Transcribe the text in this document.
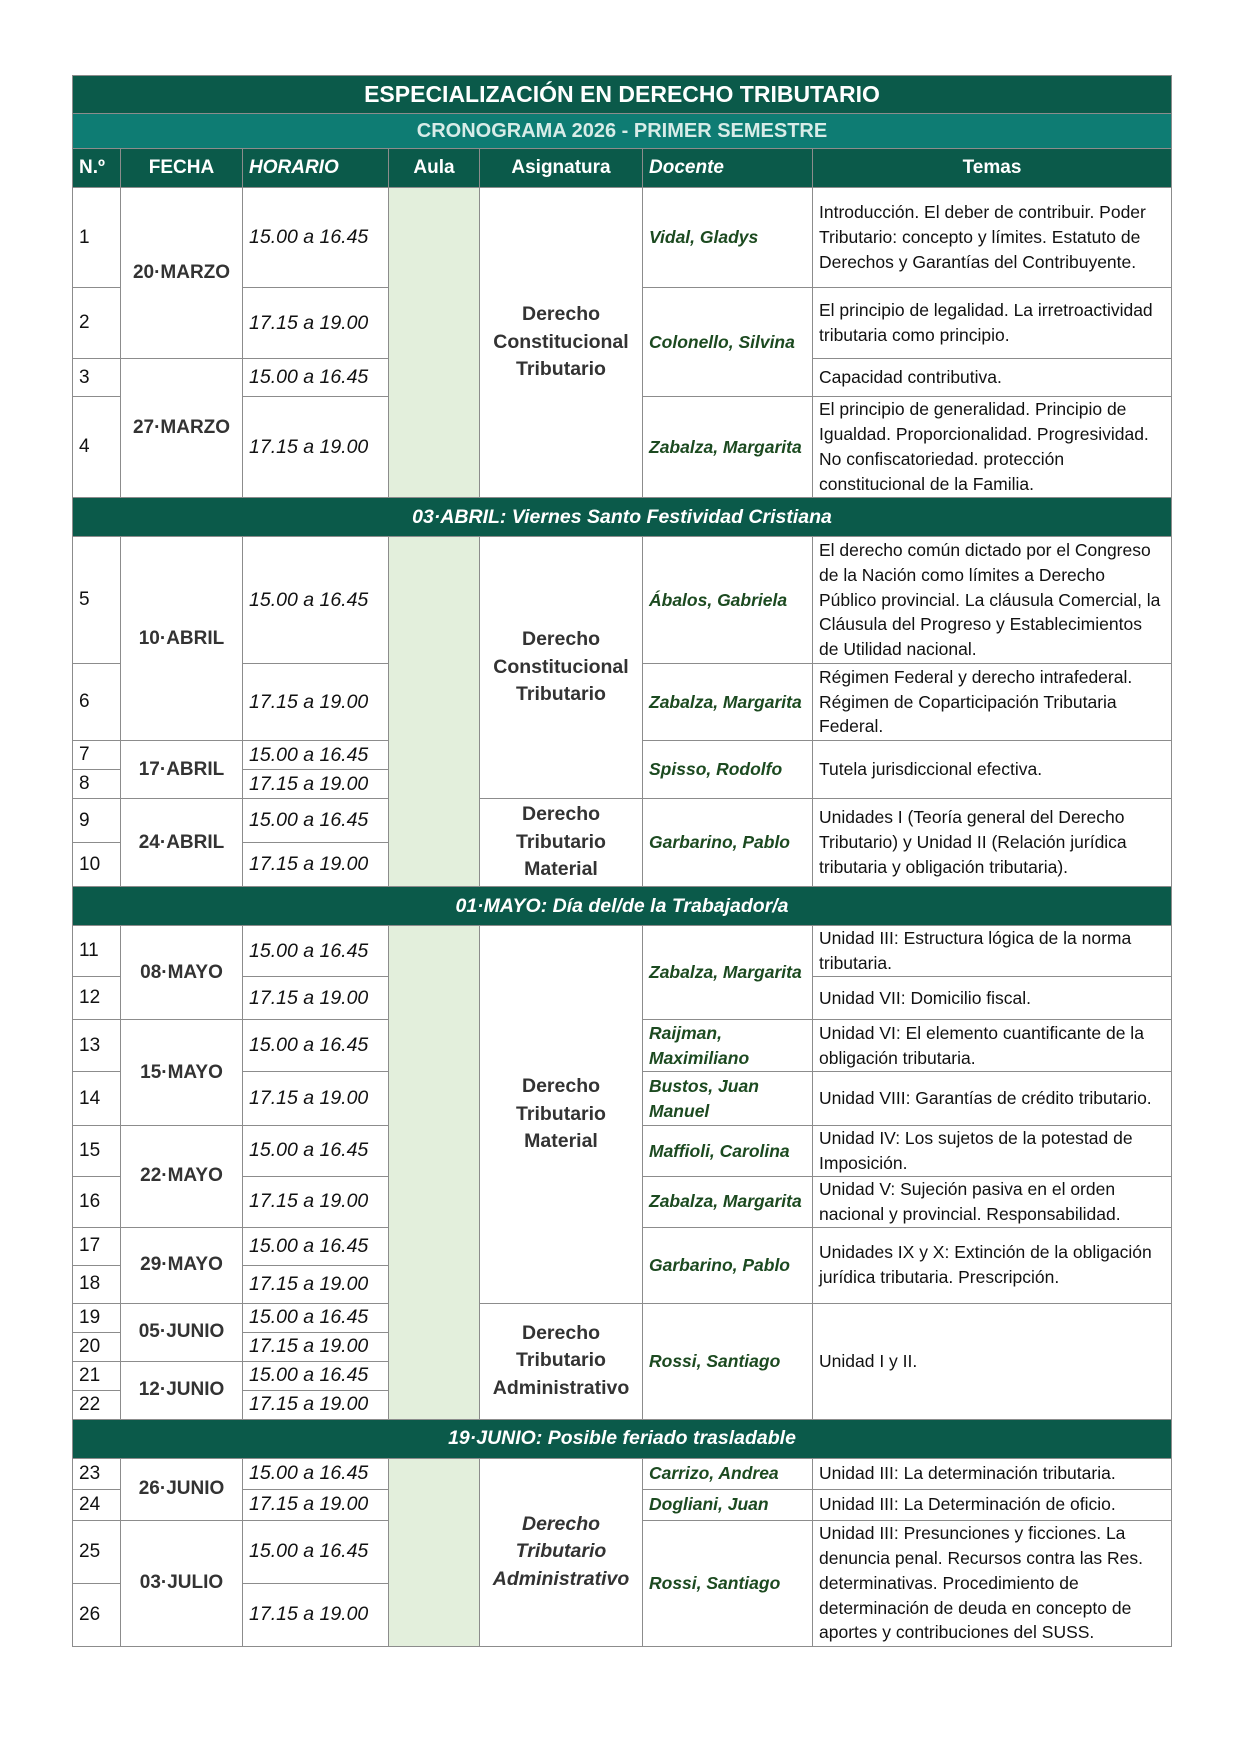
ESPECIALIZACIÓN EN DERECHO TRIBUTARIO						
CRONOGRAMA 2026 - PRIMER SEMESTRE						
N.º	FECHA	HORARIO	Aula	Asignatura	Docente	Temas
1	20·MARZO	15.00 a 16.45		Derecho Constitucional Tributario	Vidal, Gladys	Introducción. El deber de contribuir. Poder Tributario: concepto y límites. Estatuto de Derechos y Garantías del Contribuyente.
2		17.15 a 19.00			Colonello, Silvina	El principio de legalidad. La irretroactividad tributaria como principio.
3	27·MARZO	15.00 a 16.45				Capacidad contributiva.
4		17.15 a 19.00			Zabalza, Margarita	El principio de generalidad. Principio de Igualdad. Proporcionalidad. Progresividad. No confiscatoriedad. protección constitucional de la Familia.
03·ABRIL: Viernes Santo Festividad Cristiana						
5	10·ABRIL	15.00 a 16.45		Derecho Constitucional Tributario	Ábalos, Gabriela	El derecho común dictado por el Congreso de la Nación como límites a Derecho Público provincial. La cláusula Comercial, la Cláusula del Progreso y Establecimientos de Utilidad nacional.
6		17.15 a 19.00			Zabalza, Margarita	Régimen Federal y derecho intrafederal. Régimen de Coparticipación Tributaria Federal.
7	17·ABRIL	15.00 a 16.45			Spisso, Rodolfo	Tutela jurisdiccional efectiva.
8		17.15 a 19.00				
9	24·ABRIL	15.00 a 16.45		Derecho Tributario Material	Garbarino, Pablo	Unidades I (Teoría general del Derecho Tributario) y Unidad II (Relación jurídica tributaria y obligación tributaria).
10		17.15 a 19.00				
01·MAYO: Día del/de la Trabajador/a						
11	08·MAYO	15.00 a 16.45		Derecho Tributario Material	Zabalza, Margarita	Unidad III: Estructura lógica de la norma tributaria.
12		17.15 a 19.00				Unidad VII: Domicilio fiscal.
13	15·MAYO	15.00 a 16.45			Raijman, Maximiliano	Unidad VI: El elemento cuantificante de la obligación tributaria.
14		17.15 a 19.00			Bustos, Juan Manuel	Unidad VIII: Garantías de crédito tributario.
15	22·MAYO	15.00 a 16.45			Maffioli, Carolina	Unidad IV: Los sujetos de la potestad de Imposición.
16		17.15 a 19.00			Zabalza, Margarita	Unidad V: Sujeción pasiva en el orden nacional y provincial. Responsabilidad.
17	29·MAYO	15.00 a 16.45			Garbarino, Pablo	Unidades IX y X: Extinción de la obligación jurídica tributaria. Prescripción.
18		17.15 a 19.00				
19	05·JUNIO	15.00 a 16.45		Derecho Tributario Administrativo	Rossi, Santiago	Unidad I y II.
20		17.15 a 19.00				
21	12·JUNIO	15.00 a 16.45				
22		17.15 a 19.00				
19·JUNIO: Posible feriado trasladable						
23	26·JUNIO	15.00 a 16.45		Derecho Tributario Administrativo	Carrizo, Andrea	Unidad III: La determinación tributaria.
24		17.15 a 19.00			Dogliani, Juan	Unidad III: La Determinación de oficio.
25	03·JULIO	15.00 a 16.45			Rossi, Santiago	Unidad III: Presunciones y ficciones. La denuncia penal. Recursos contra las Res. determinativas. Procedimiento de determinación de deuda en concepto de aportes y contribuciones del SUSS.
26		17.15 a 19.00				
